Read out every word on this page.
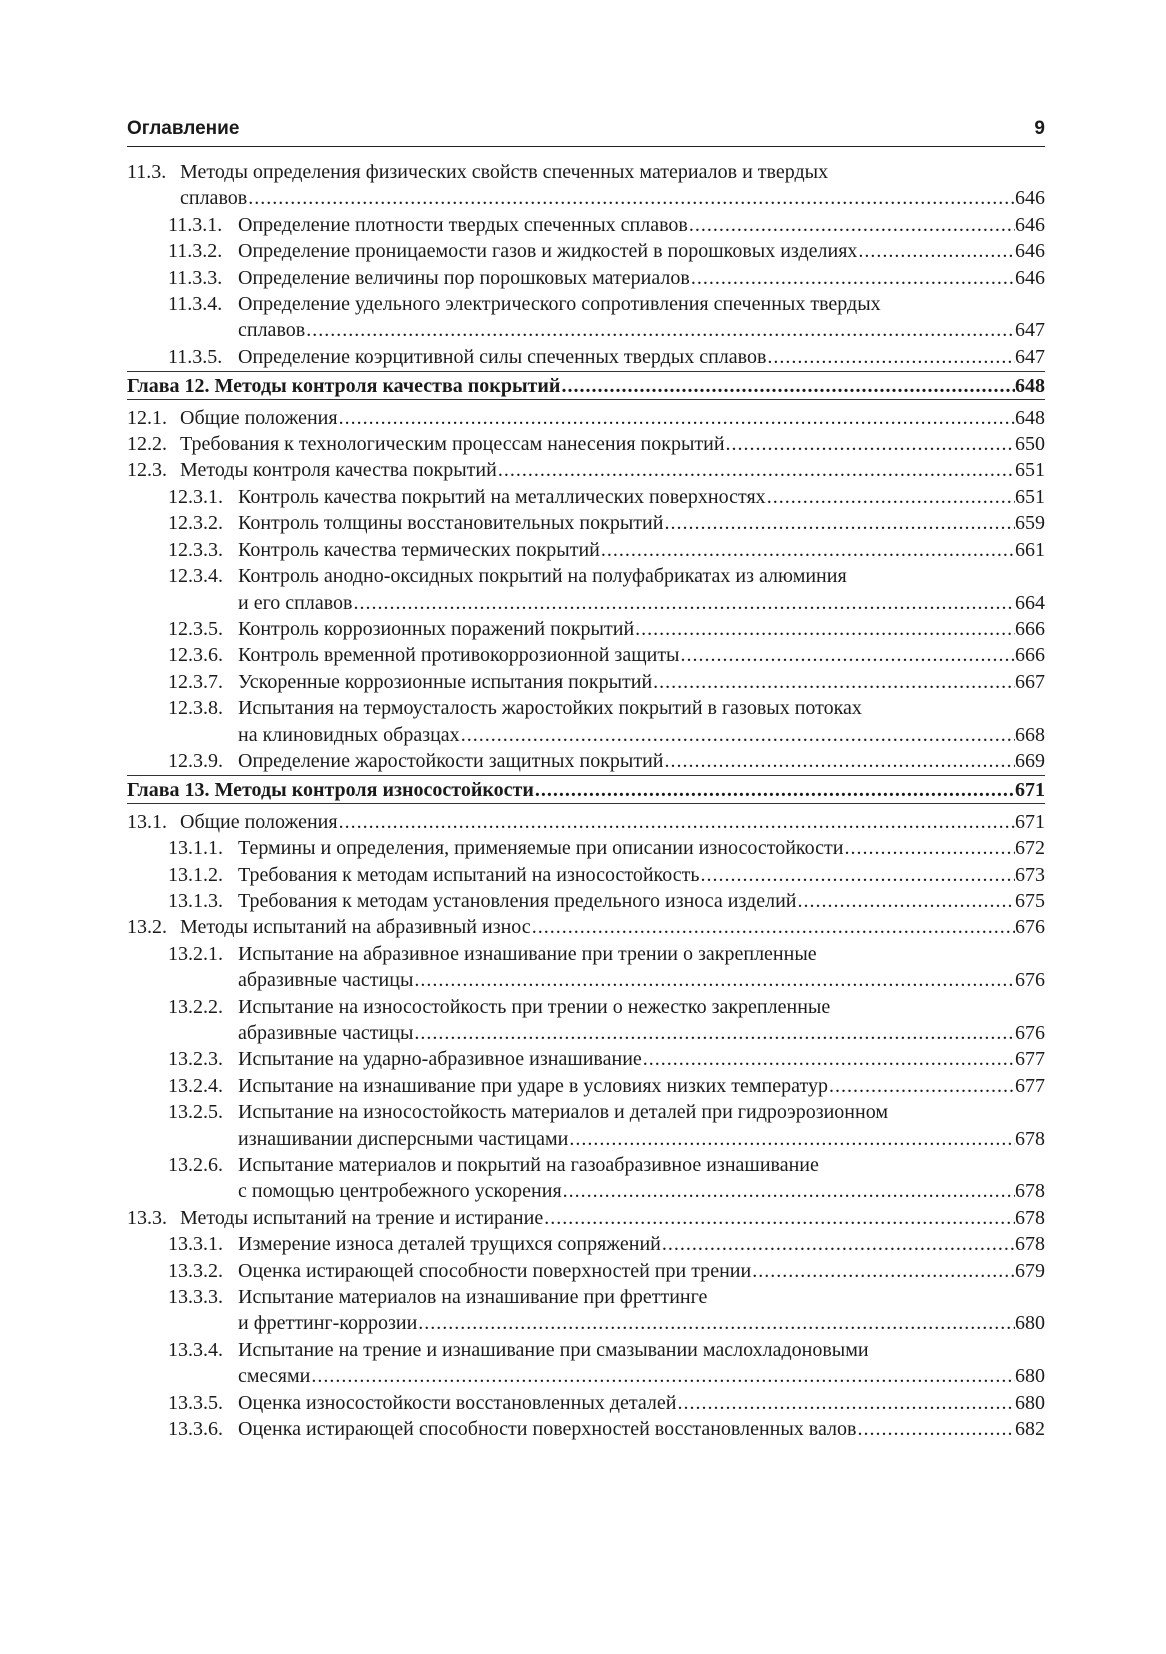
Оглавление	9
11.3. Методы определения физических свойств спеченных материалов и твердых
сплавов .....	646
11.3.1. Определение плотности твердых спеченных сплавов .....	646
11.3.2. Определение проницаемости газов и жидкостей в порошковых изделиях .....	646
11.3.3. Определение величины пор порошковых материалов .....	646
11.3.4. Определение удельного электрического сопротивления спеченных твердых
сплавов .....	647
11.3.5. Определение коэрцитивной силы спеченных твердых сплавов .....	647
Глава 12. Методы контроля качества покрытий .....	648
12.1. Общие положения .....	648
12.2. Требования к технологическим процессам нанесения покрытий .....	650
12.3. Методы контроля качества покрытий .....	651
12.3.1. Контроль качества покрытий на металлических поверхностях .....	651
12.3.2. Контроль толщины восстановительных покрытий .....	659
12.3.3. Контроль качества термических покрытий .....	661
12.3.4. Контроль анодно-оксидных покрытий на полуфабрикатах из алюминия
и его сплавов .....	664
12.3.5. Контроль коррозионных поражений покрытий .....	666
12.3.6. Контроль временной противокоррозионной защиты .....	666
12.3.7. Ускоренные коррозионные испытания покрытий .....	667
12.3.8. Испытания на термоусталость жаростойких покрытий в газовых потоках
на клиновидных образцах .....	668
12.3.9. Определение жаростойкости защитных покрытий .....	669
Глава 13. Методы контроля износостойкости .....	671
13.1. Общие положения .....	671
13.1.1. Термины и определения, применяемые при описании износостойкости .....	672
13.1.2. Требования к методам испытаний на износостойкость .....	673
13.1.3. Требования к методам установления предельного износа изделий .....	675
13.2. Методы испытаний на абразивный износ .....	676
13.2.1. Испытание на абразивное изнашивание при трении о закрепленные
абразивные частицы .....	676
13.2.2. Испытание на износостойкость при трении о нежестко закрепленные
абразивные частицы .....	676
13.2.3. Испытание на ударно-абразивное изнашивание .....	677
13.2.4. Испытание на изнашивание при ударе в условиях низких температур .....	677
13.2.5. Испытание на износостойкость материалов и деталей при гидроэрозионном
изнашивании дисперсными частицами .....	678
13.2.6. Испытание материалов и покрытий на газоабразивное изнашивание
с помощью центробежного ускорения .....	678
13.3. Методы испытаний на трение и истирание .....	678
13.3.1. Измерение износа деталей трущихся сопряжений .....	678
13.3.2. Оценка истирающей способности поверхностей при трении .....	679
13.3.3. Испытание материалов на изнашивание при фреттинге
и фреттинг-коррозии .....	680
13.3.4. Испытание на трение и изнашивание при смазывании маслохладоновыми
смесями .....	680
13.3.5. Оценка износостойкости восстановленных деталей .....	680
13.3.6. Оценка истирающей способности поверхностей восстановленных валов .....	682
